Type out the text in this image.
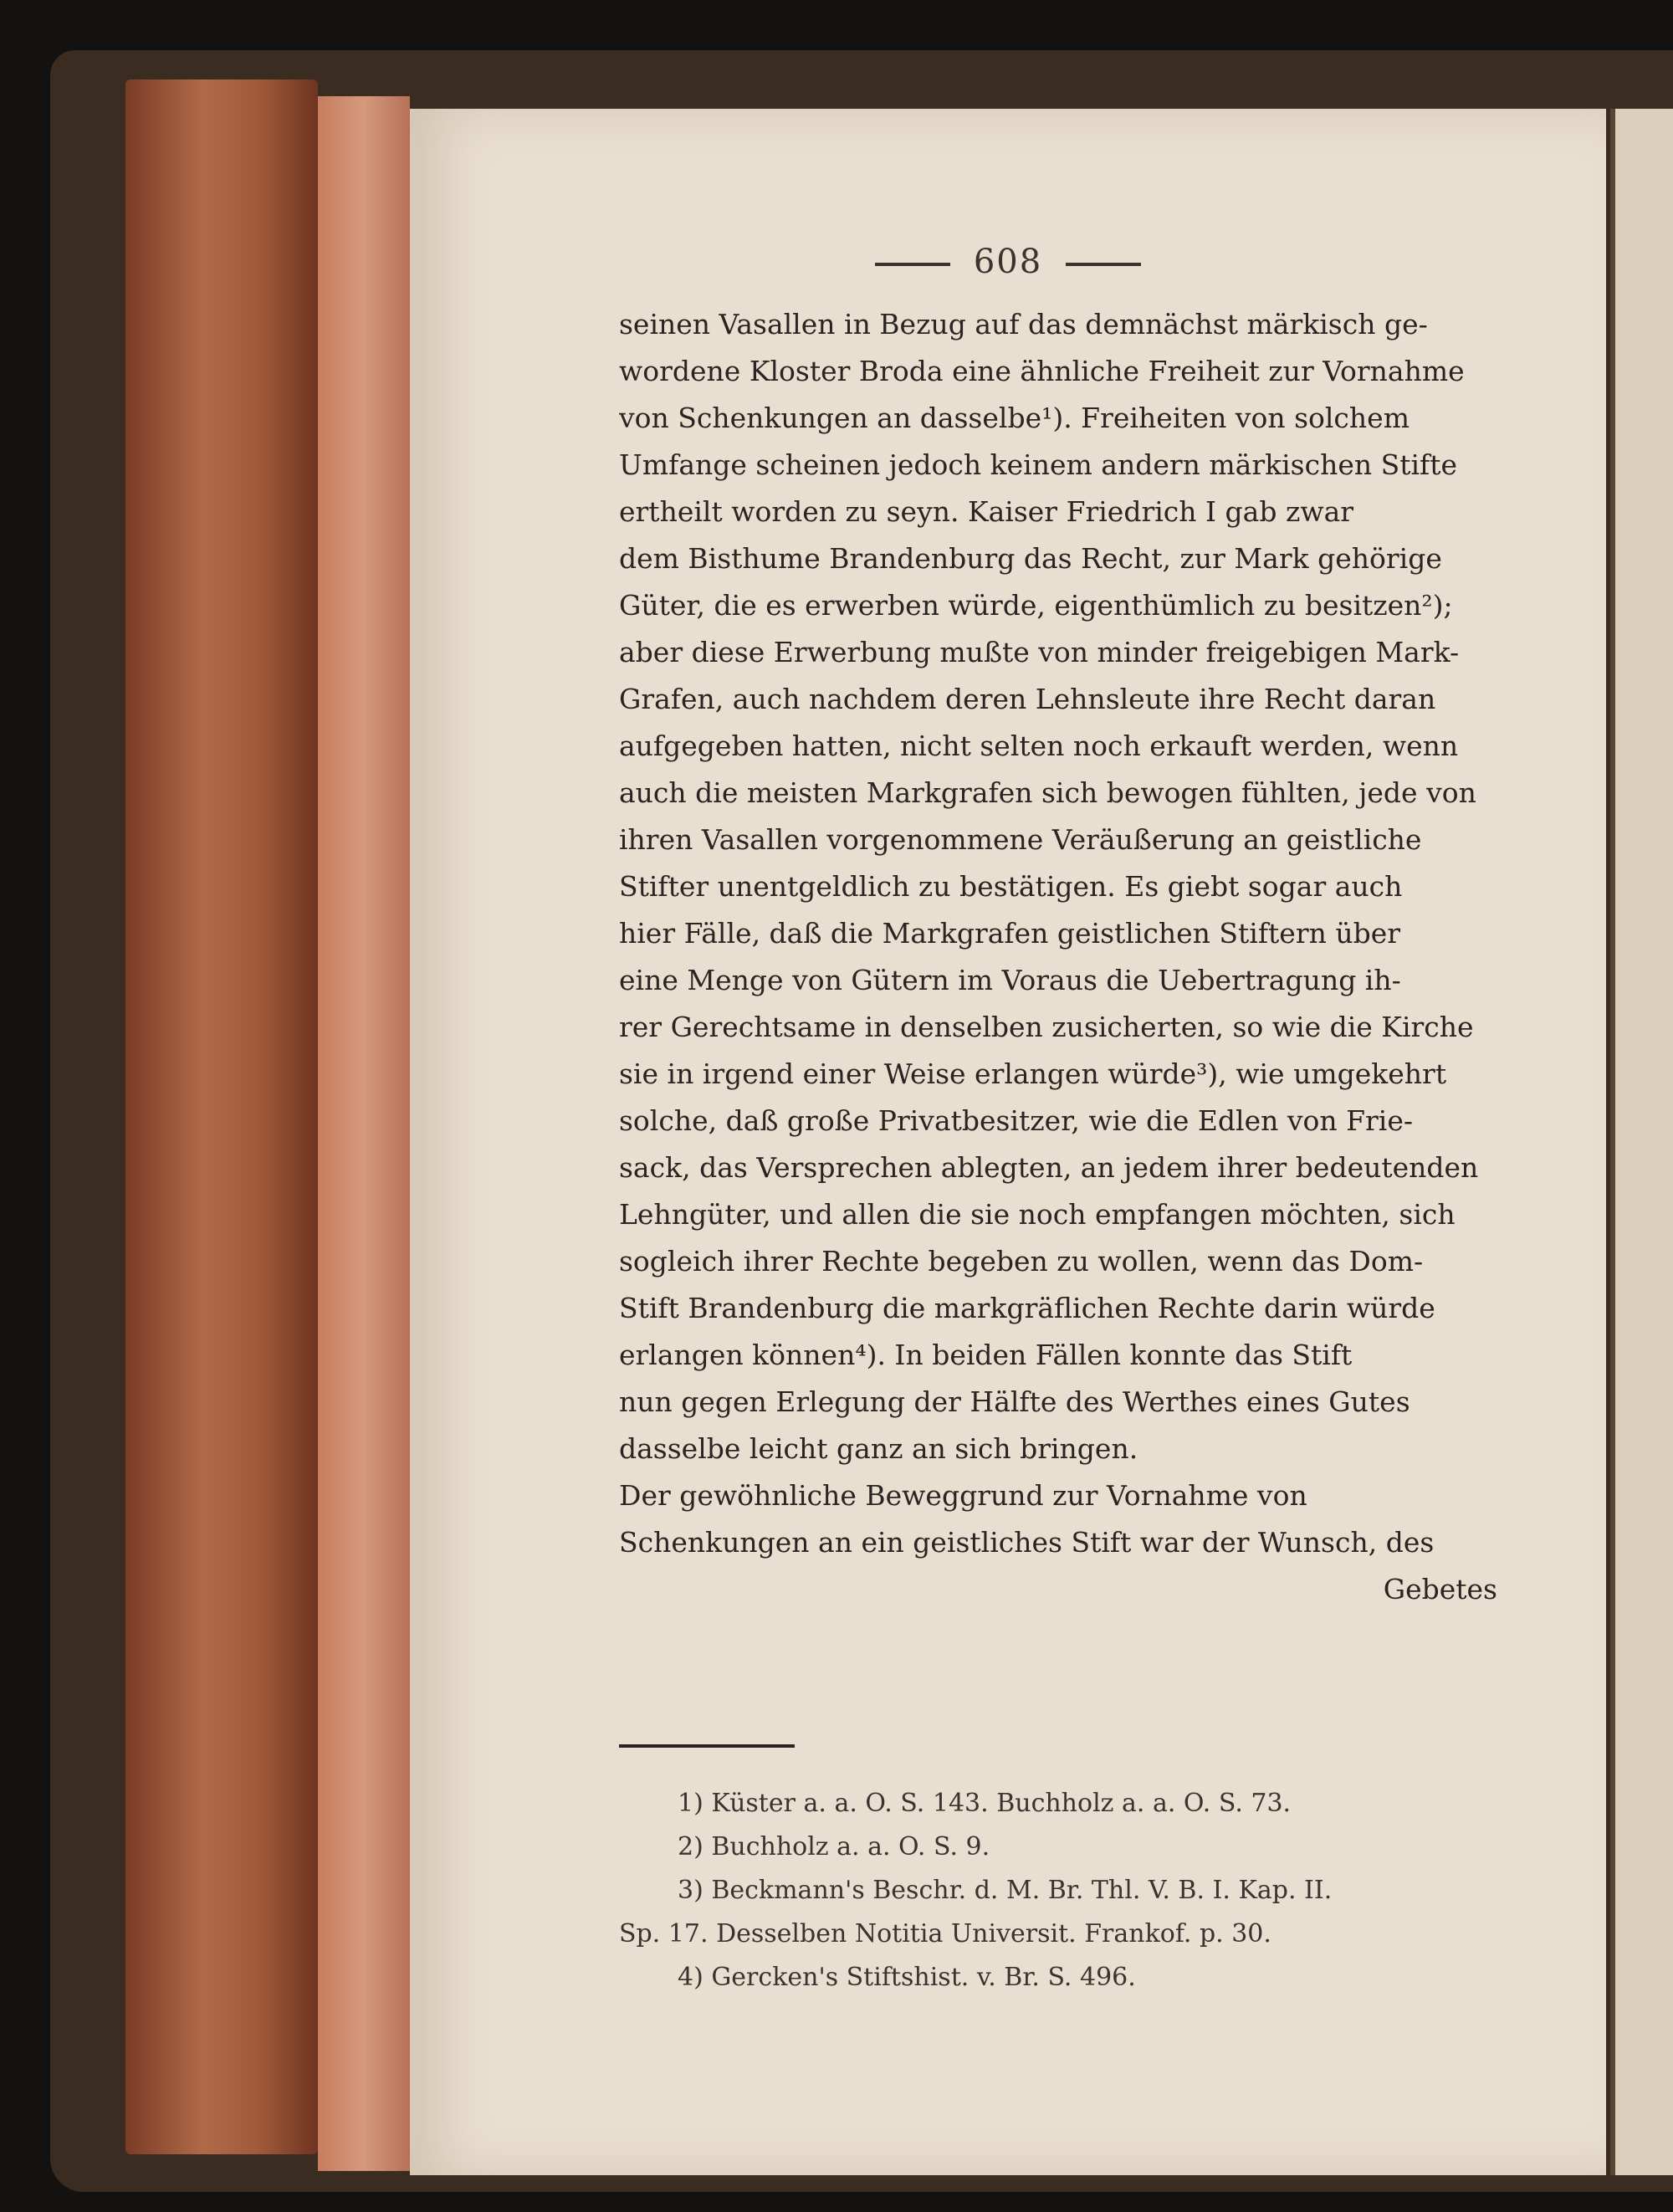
608
seinen Vasallen in Bezug auf das demnächst märkisch ge-
wordene Kloster Broda eine ähnliche Freiheit zur Vornahme
von Schenkungen an dasselbe¹). Freiheiten von solchem
Umfange scheinen jedoch keinem andern märkischen Stifte
ertheilt worden zu seyn. Kaiser Friedrich I gab zwar
dem Bisthume Brandenburg das Recht, zur Mark gehörige
Güter, die es erwerben würde, eigenthümlich zu besitzen²);
aber diese Erwerbung mußte von minder freigebigen Mark-
Grafen, auch nachdem deren Lehnsleute ihre Recht daran
aufgegeben hatten, nicht selten noch erkauft werden, wenn
auch die meisten Markgrafen sich bewogen fühlten, jede von
ihren Vasallen vorgenommene Veräußerung an geistliche
Stifter unentgeldlich zu bestätigen. Es giebt sogar auch
hier Fälle, daß die Markgrafen geistlichen Stiftern über
eine Menge von Gütern im Voraus die Uebertragung ih-
rer Gerechtsame in denselben zusicherten, so wie die Kirche
sie in irgend einer Weise erlangen würde³), wie umgekehrt
solche, daß große Privatbesitzer, wie die Edlen von Frie-
sack, das Versprechen ablegten, an jedem ihrer bedeutenden
Lehngüter, und allen die sie noch empfangen möchten, sich
sogleich ihrer Rechte begeben zu wollen, wenn das Dom-
Stift Brandenburg die markgräflichen Rechte darin würde
erlangen können⁴). In beiden Fällen konnte das Stift
nun gegen Erlegung der Hälfte des Werthes eines Gutes
dasselbe leicht ganz an sich bringen.
Der gewöhnliche Beweggrund zur Vornahme von
Schenkungen an ein geistliches Stift war der Wunsch, des
Gebetes
1) Küster a. a. O. S. 143. Buchholz a. a. O. S. 73.
2) Buchholz a. a. O. S. 9.
3) Beckmann's Beschr. d. M. Br. Thl. V. B. I. Kap. II.
Sp. 17. Desselben Notitia Universit. Frankof. p. 30.
4) Gercken's Stiftshist. v. Br. S. 496.
